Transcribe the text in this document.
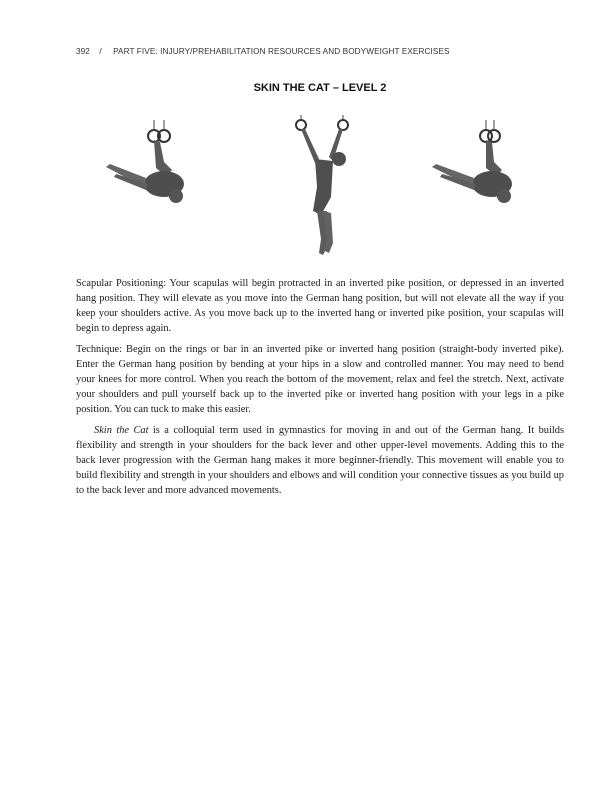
392 / PART FIVE: INJURY/PREHABILITATION RESOURCES AND BODYWEIGHT EXERCISES
SKIN THE CAT – LEVEL 2

Scapular Positioning: Your scapulas will begin protracted in an inverted pike position, or depressed in an inverted hang position. They will elevate as you move into the German hang position, but will not elevate all the way if you keep your shoulders active. As you move back up to the inverted hang or inverted pike position, your scapulas will begin to depress again.

Technique: Begin on the rings or bar in an inverted pike or inverted hang position (straight-body inverted pike). Enter the German hang position by bending at your hips in a slow and controlled manner. You may need to bend your knees for more control. When you reach the bottom of the movement, relax and feel the stretch. Next, activate your shoulders and pull yourself back up to the inverted pike or inverted hang position with your legs in a pike position. You can tuck to make this easier.

Skin the Cat is a colloquial term used in gymnastics for moving in and out of the German hang. It builds flexibility and strength in your shoulders for the back lever and other upper-level movements. Adding this to the back lever progression with the German hang makes it more beginner-friendly. This movement will enable you to build flexibility and strength in your shoulders and elbows and will condition your connective tissues as you build up to the back lever and more advanced movements.
